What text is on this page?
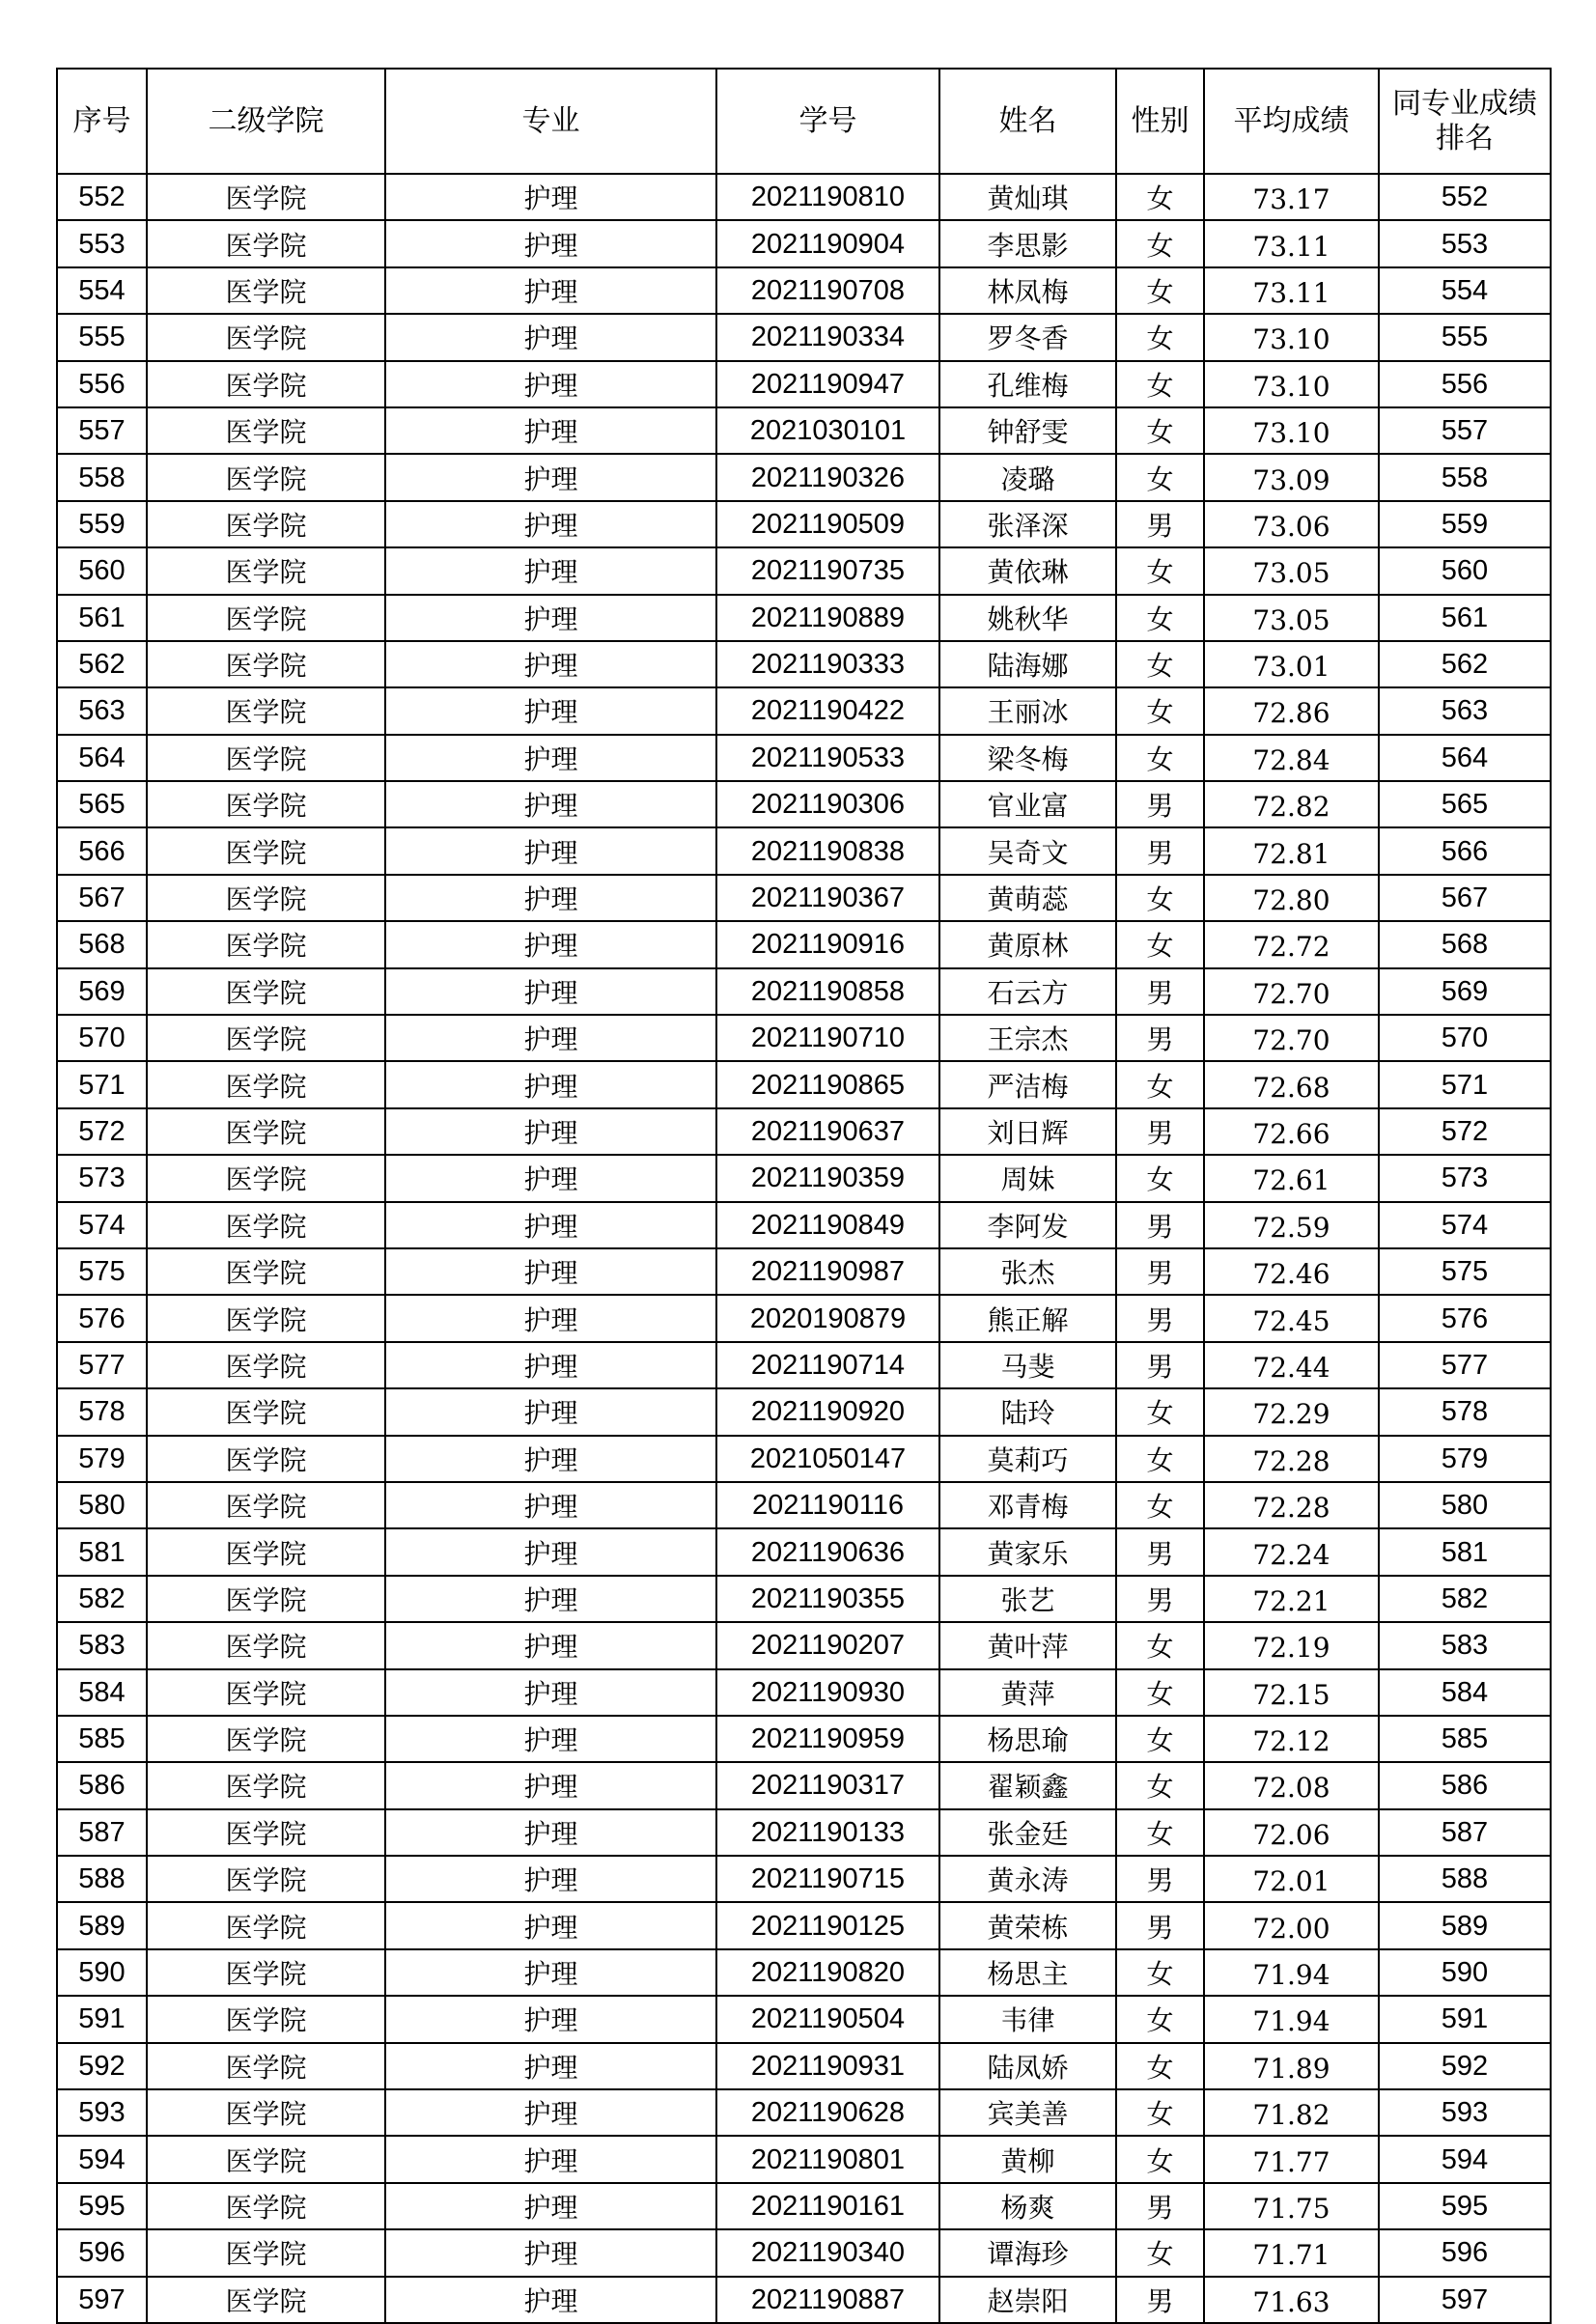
序号	二级学院	专业	学号	姓名	性别	平均成绩	同专业成绩排名
552	医学院	护理	2021190810	黄灿琪	女	73.17	552
553	医学院	护理	2021190904	李思影	女	73.11	553
554	医学院	护理	2021190708	林凤梅	女	73.11	554
555	医学院	护理	2021190334	罗冬香	女	73.10	555
556	医学院	护理	2021190947	孔维梅	女	73.10	556
557	医学院	护理	2021030101	钟舒雯	女	73.10	557
558	医学院	护理	2021190326	凌璐	女	73.09	558
559	医学院	护理	2021190509	张泽深	男	73.06	559
560	医学院	护理	2021190735	黄依琳	女	73.05	560
561	医学院	护理	2021190889	姚秋华	女	73.05	561
562	医学院	护理	2021190333	陆海娜	女	73.01	562
563	医学院	护理	2021190422	王丽冰	女	72.86	563
564	医学院	护理	2021190533	梁冬梅	女	72.84	564
565	医学院	护理	2021190306	官业富	男	72.82	565
566	医学院	护理	2021190838	吴奇文	男	72.81	566
567	医学院	护理	2021190367	黄萌蕊	女	72.80	567
568	医学院	护理	2021190916	黄原林	女	72.72	568
569	医学院	护理	2021190858	石云方	男	72.70	569
570	医学院	护理	2021190710	王宗杰	男	72.70	570
571	医学院	护理	2021190865	严洁梅	女	72.68	571
572	医学院	护理	2021190637	刘日辉	男	72.66	572
573	医学院	护理	2021190359	周妹	女	72.61	573
574	医学院	护理	2021190849	李阿发	男	72.59	574
575	医学院	护理	2021190987	张杰	男	72.46	575
576	医学院	护理	2020190879	熊正解	男	72.45	576
577	医学院	护理	2021190714	马斐	男	72.44	577
578	医学院	护理	2021190920	陆玲	女	72.29	578
579	医学院	护理	2021050147	莫莉巧	女	72.28	579
580	医学院	护理	2021190116	邓青梅	女	72.28	580
581	医学院	护理	2021190636	黄家乐	男	72.24	581
582	医学院	护理	2021190355	张艺	男	72.21	582
583	医学院	护理	2021190207	黄叶萍	女	72.19	583
584	医学院	护理	2021190930	黄萍	女	72.15	584
585	医学院	护理	2021190959	杨思瑜	女	72.12	585
586	医学院	护理	2021190317	翟颖鑫	女	72.08	586
587	医学院	护理	2021190133	张金廷	女	72.06	587
588	医学院	护理	2021190715	黄永涛	男	72.01	588
589	医学院	护理	2021190125	黄荣栋	男	72.00	589
590	医学院	护理	2021190820	杨思主	女	71.94	590
591	医学院	护理	2021190504	韦律	女	71.94	591
592	医学院	护理	2021190931	陆凤娇	女	71.89	592
593	医学院	护理	2021190628	宾美善	女	71.82	593
594	医学院	护理	2021190801	黄柳	女	71.77	594
595	医学院	护理	2021190161	杨爽	男	71.75	595
596	医学院	护理	2021190340	谭海珍	女	71.71	596
597	医学院	护理	2021190887	赵崇阳	男	71.63	597
